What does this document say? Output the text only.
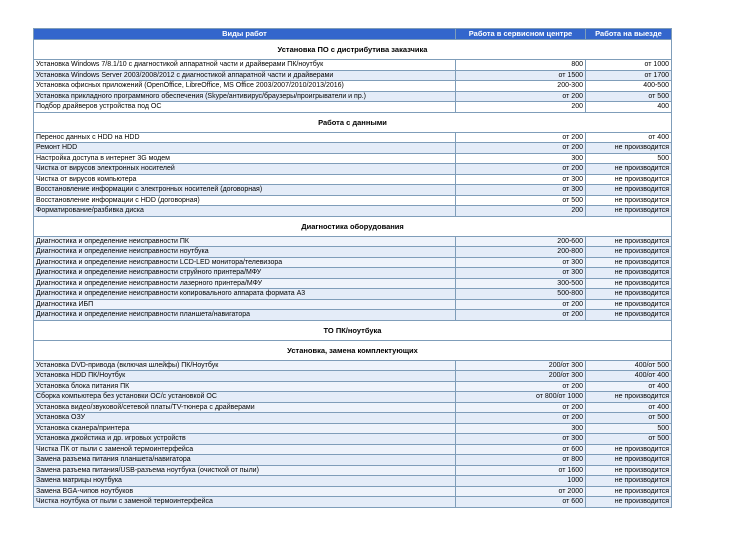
Виды работ	Работа в сервисном центре	Работа на выезде
Установка ПО с дистрибутива заказчика		
Установка Windows 7/8.1/10 с диагностикой аппаратной части и драйверами ПК/ноутбук	800	от 1000
Установка Windows Server 2003/2008/2012 с диагностикой аппаратной части и драйверами	от 1500	от 1700
Установка офисных приложений (OpenOffice, LibreOffice, MS Office 2003/2007/2010/2013/2016)	200-300	400-500
Установка прикладного программного обеспечения (Skype/антивирус/браузеры/проигрыватели и пр.)	от 200	от 500
Подбор драйверов устройства под ОС	200	400
Работа с данными		
Перенос данных с HDD на HDD	от 200	от 400
Ремонт HDD	от 200	не производится
Настройка доступа в интернет 3G модем	300	500
Чистка от вирусов электронных носителей	от 200	не производится
Чистка от вирусов компьютера	от 300	не производится
Восстановление информации с электронных носителей (договорная)	от 300	не производится
Восстановление информации с HDD (договорная)	от 500	не производится
Форматирование/разбивка диска	200	не производится
Диагностика оборудования		
Диагностика и определение неисправности ПК	200-600	не производится
Диагностика и определение неисправности ноутбука	200-800	не производится
Диагностика и определение неисправности LCD-LED монитора/телевизора	от 300	не производится
Диагностика и определение неисправности струйного принтера/МФУ	от 300	не производится
Диагностика и определение неисправности лазерного принтера/МФУ	300-500	не производится
Диагностика и определение неисправности копировального аппарата формата А3	500-800	не производится
Диагностика ИБП	от 200	не производится
Диагностика и определение неисправности планшета/навигатора	от 200	не производится
ТО ПК/ноутбука		
Установка, замена комплектующих		
Установка DVD-привода (включая шлейфы) ПК/Ноутбук	200/от 300	400/от 500
Установка HDD ПК/Ноутбук	200/от 300	400/от 400
Установка блока питания ПК	от 200	от 400
Сборка компьютера без установки ОС/с установкой ОС	от 800/от 1000	не производится
Установка видео/звуковой/сетевой платы/TV-тюнера с драйверами	от 200	от 400
Установка ОЗУ	от 200	от 500
Установка сканера/принтера	300	500
Установка джойстика и др. игровых устройств	от 300	от 500
Чистка ПК от пыли с заменой термоинтерфейса	от 600	не производится
Замена разъема питания планшета/навигатора	от 800	не производится
Замена разъема питания/USB-разъема ноутбука (очисткой от пыли)	от 1600	не производится
Замена матрицы ноутбука	1000	не производится
Замена BGA-чипов ноутбуков	от 2000	не производится
Чистка ноутбука от пыли с заменой термоинтерфейса	от 600	не производится
